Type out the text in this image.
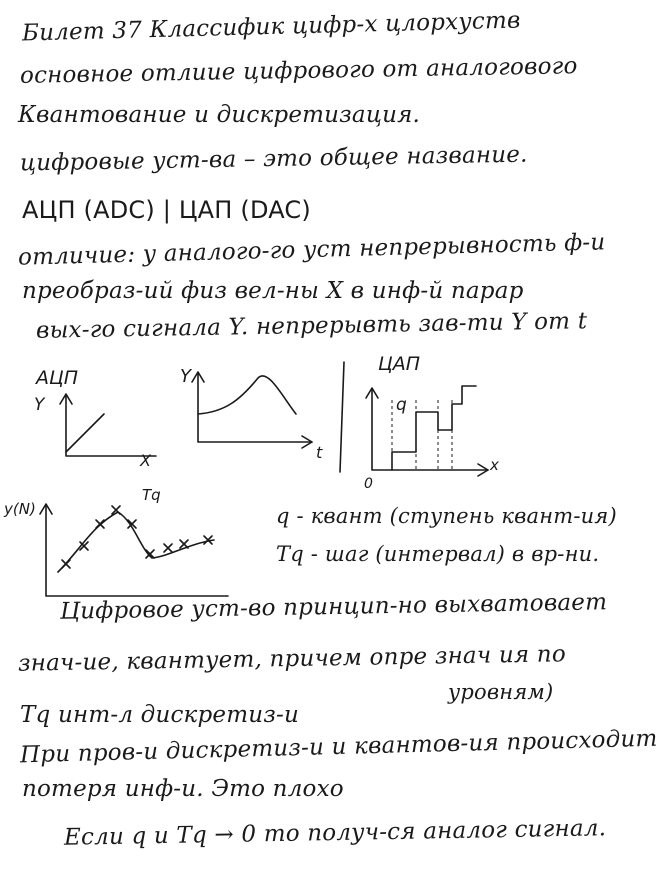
Билет 37 Классифик цифр-х цлорхуств
основное отлиие цифрового от аналогового
Квантование и дискретизация.
цифровые уст-ва – это общее название.
АЦП (ADC) | ЦАП (DAC)
отличие: у аналого-го уст непрерывность ф-и
преобраз-ий физ вел-ны X в инф-й парар
вых-го сигнала Y. непрерывть зав-ти Y от t
АЦП
Y
X
Y
t
ЦАП
q
0
x
y(N)
Tq
q - квант (ступень квант-ия)
Tq - шаг (интервал) в вр-ни.
Цифровое уст-во принцип-но выхватовает
знач-ие, квантует, причем опре знач ия по
уровням)
Tq инт-л дискретиз-и
При пров-и дискретиз-и и квантов-ия происходит
потеря инф-и. Это плохо
Если q и Tq → 0 то получ-ся аналог сигнал.
